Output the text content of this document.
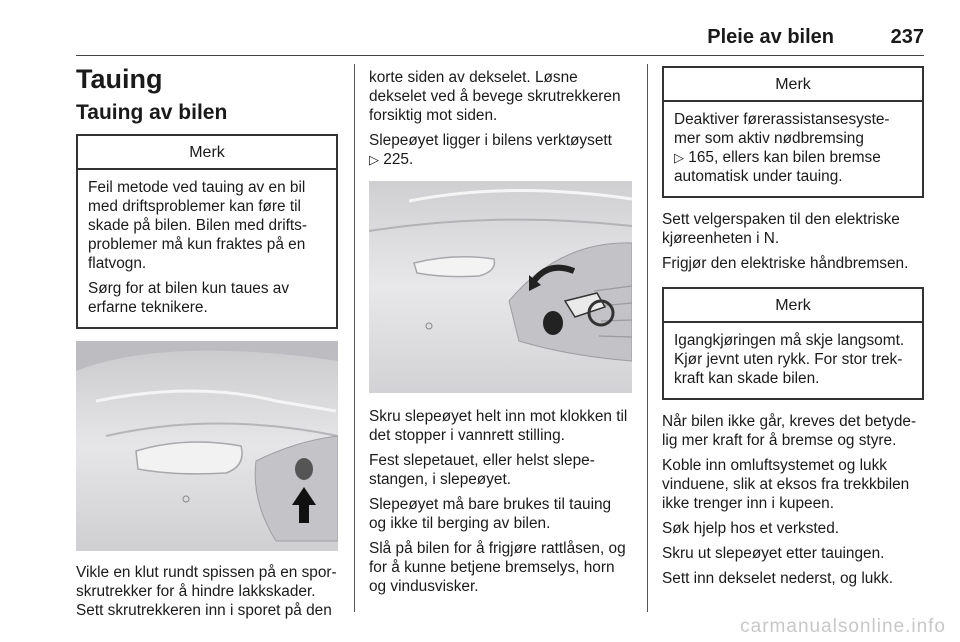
Pleie av bilen	237
Tauing
Tauing av bilen
Merk

Feil metode ved tauing av en bil med driftsproblemer kan føre til skade på bilen. Bilen med drifts-problemer må kun fraktes på en flatvogn.

Sørg for at bilen kun taues av erfarne teknikere.

Vikle en klut rundt spissen på en spor-skrutrekker for å hindre lakkskader. Sett skrutrekkeren inn i sporet på den

korte siden av dekselet. Løsne dekselet ved å bevege skrutrekkeren forsiktig mot siden.

Slepeøyet ligger i bilens verktøysett
▷ 225.

Skru slepeøyet helt inn mot klokken til det stopper i vannrett stilling.

Fest slepetauet, eller helst slepe-stangen, i slepeøyet.

Slepeøyet må bare brukes til tauing og ikke til berging av bilen.

Slå på bilen for å frigjøre rattlåsen, og for å kunne betjene bremselys, horn og vindusvisker.

Merk

Deaktiver førerassistansesyste-mer som aktiv nødbremsing
▷ 165, ellers kan bilen bremse automatisk under tauing.

Sett velgerspaken til den elektriske kjøreenheten i N.

Frigjør den elektriske håndbremsen.

Merk

Igangkjøringen må skje langsomt. Kjør jevnt uten rykk. For stor trek-kraft kan skade bilen.

Når bilen ikke går, kreves det betyde-lig mer kraft for å bremse og styre.

Koble inn omluftsystemet og lukk vinduene, slik at eksos fra trekkbilen ikke trenger inn i kupeen.

Søk hjelp hos et verksted.

Skru ut slepeøyet etter tauingen.

Sett inn dekselet nederst, og lukk.

carmanualsonline.info
